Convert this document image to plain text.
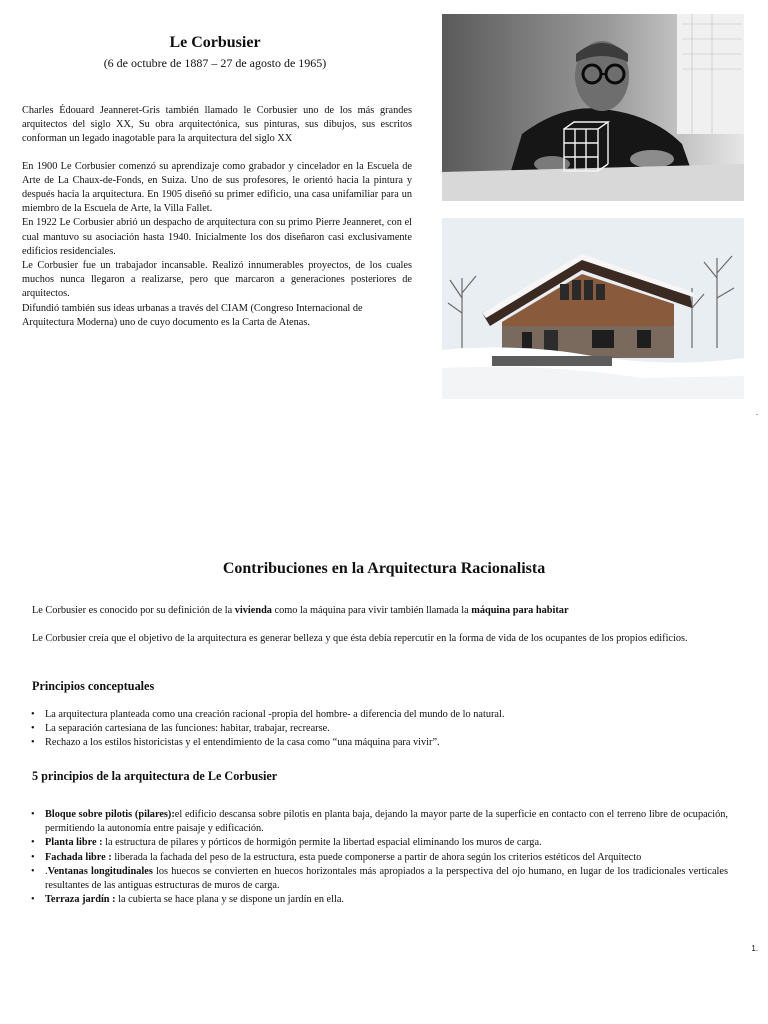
Le Corbusier
(6 de octubre de 1887 – 27 de agosto de 1965)

Charles Édouard Jeanneret-Gris también llamado le Corbusier uno de los más grandes arquitectos del siglo XX, Su obra arquitectónica, sus pinturas, sus dibujos, sus escritos conforman un legado inagotable para la arquitectura del siglo XX

En 1900 Le Corbusier comenzó su aprendizaje como grabador y cincelador en la Escuela de Arte de La Chaux-de-Fonds, en Suiza. Uno de sus profesores, le orientó hacia la pintura y después hacia la arquitectura. En 1905 diseñó su primer edificio, una casa unifamiliar para un miembro de la Escuela de Arte, la Villa Fallet.

En 1922 Le Corbusier abrió un despacho de arquitectura con su primo Pierre Jeanneret, con el cual mantuvo su asociación hasta 1940. Inicialmente los dos diseñaron casi exclusivamente edificios residenciales.

Le Corbusier fue un trabajador incansable. Realizó innumerables proyectos, de los cuales muchos nunca llegaron a realizarse, pero que marcaron a generaciones posteriores de arquitectos.

Difundió también sus ideas urbanas a través del CIAM (Congreso Internacional de Arquitectura Moderna) uno de cuyo documento es la Carta de Atenas.

.
Contribuciones en la Arquitectura Racionalista
Le Corbusier es conocido por su definición de la vivienda como la máquina para vivir también llamada la máquina para habitar
Le Corbusier creía que el objetivo de la arquitectura es generar belleza y que ésta debía repercutir en la forma de vida de los ocupantes de los propios edificios.
Principios conceptuales
• La arquitectura planteada como una creación racional -propia del hombre- a diferencia del mundo de lo natural.
• La separación cartesiana de las funciones: habitar, trabajar, recrearse.
• Rechazo a los estilos historicistas y el entendimiento de la casa como “una máquina para vivir”.
5 principios de la arquitectura de Le Corbusier
• Bloque sobre pilotis (pilares):el edificio descansa sobre pilotis en planta baja, dejando la mayor parte de la superficie en contacto con el terreno libre de ocupación, permitiendo la autonomía entre paisaje y edificación.
• Planta libre : la estructura de pilares y pórticos de hormigón permite la libertad espacial eliminando los muros de carga.
• Fachada libre : liberada la fachada del peso de la estructura, esta puede componerse a partir de ahora según los criterios estéticos del Arquitecto
• .Ventanas longitudinales los huecos se convierten en huecos horizontales más apropiados a la perspectiva del ojo humano, en lugar de los tradicionales verticales resultantes de las antiguas estructuras de muros de carga.
• Terraza jardín : la cubierta se hace plana y se dispone un jardín en ella.
1.
